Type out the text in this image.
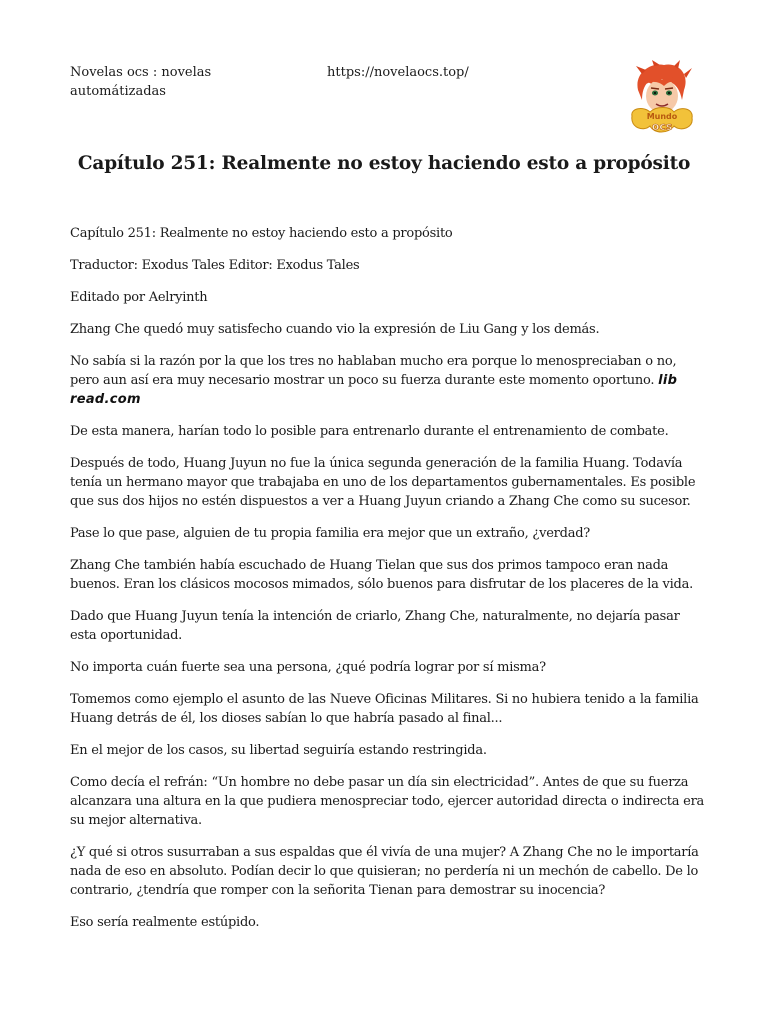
Novelas ocs : novelas automátizadas
https://novelaocs.top/
Mundo
ocs
Capítulo 251: Realmente no estoy haciendo esto a propósito

Capítulo 251: Realmente no estoy haciendo esto a propósito

Traductor: Exodus Tales Editor: Exodus Tales

Editado por Aelryinth

Zhang Che quedó muy satisfecho cuando vio la expresión de Liu Gang y los demás.

No sabía si la razón por la que los tres no hablaban mucho era porque lo menospreciaban o no, pero aun así era muy necesario mostrar un poco su fuerza durante este momento oportuno. lib read.com

De esta manera, harían todo lo posible para entrenarlo durante el entrenamiento de combate.

Después de todo, Huang Juyun no fue la única segunda generación de la familia Huang. Todavía tenía un hermano mayor que trabajaba en uno de los departamentos gubernamentales. Es posible que sus dos hijos no estén dispuestos a ver a Huang Juyun criando a Zhang Che como su sucesor.

Pase lo que pase, alguien de tu propia familia era mejor que un extraño, ¿verdad?

Zhang Che también había escuchado de Huang Tielan que sus dos primos tampoco eran nada buenos. Eran los clásicos mocosos mimados, sólo buenos para disfrutar de los placeres de la vida.

Dado que Huang Juyun tenía la intención de criarlo, Zhang Che, naturalmente, no dejaría pasar esta oportunidad.

No importa cuán fuerte sea una persona, ¿qué podría lograr por sí misma?

Tomemos como ejemplo el asunto de las Nueve Oficinas Militares. Si no hubiera tenido a la familia Huang detrás de él, los dioses sabían lo que habría pasado al final...

En el mejor de los casos, su libertad seguiría estando restringida.

Como decía el refrán: “Un hombre no debe pasar un día sin electricidad”. Antes de que su fuerza alcanzara una altura en la que pudiera menospreciar todo, ejercer autoridad directa o indirecta era su mejor alternativa.

¿Y qué si otros susurraban a sus espaldas que él vivía de una mujer? A Zhang Che no le importaría nada de eso en absoluto. Podían decir lo que quisieran; no perdería ni un mechón de cabello. De lo contrario, ¿tendría que romper con la señorita Tienan para demostrar su inocencia?

Eso sería realmente estúpido.
